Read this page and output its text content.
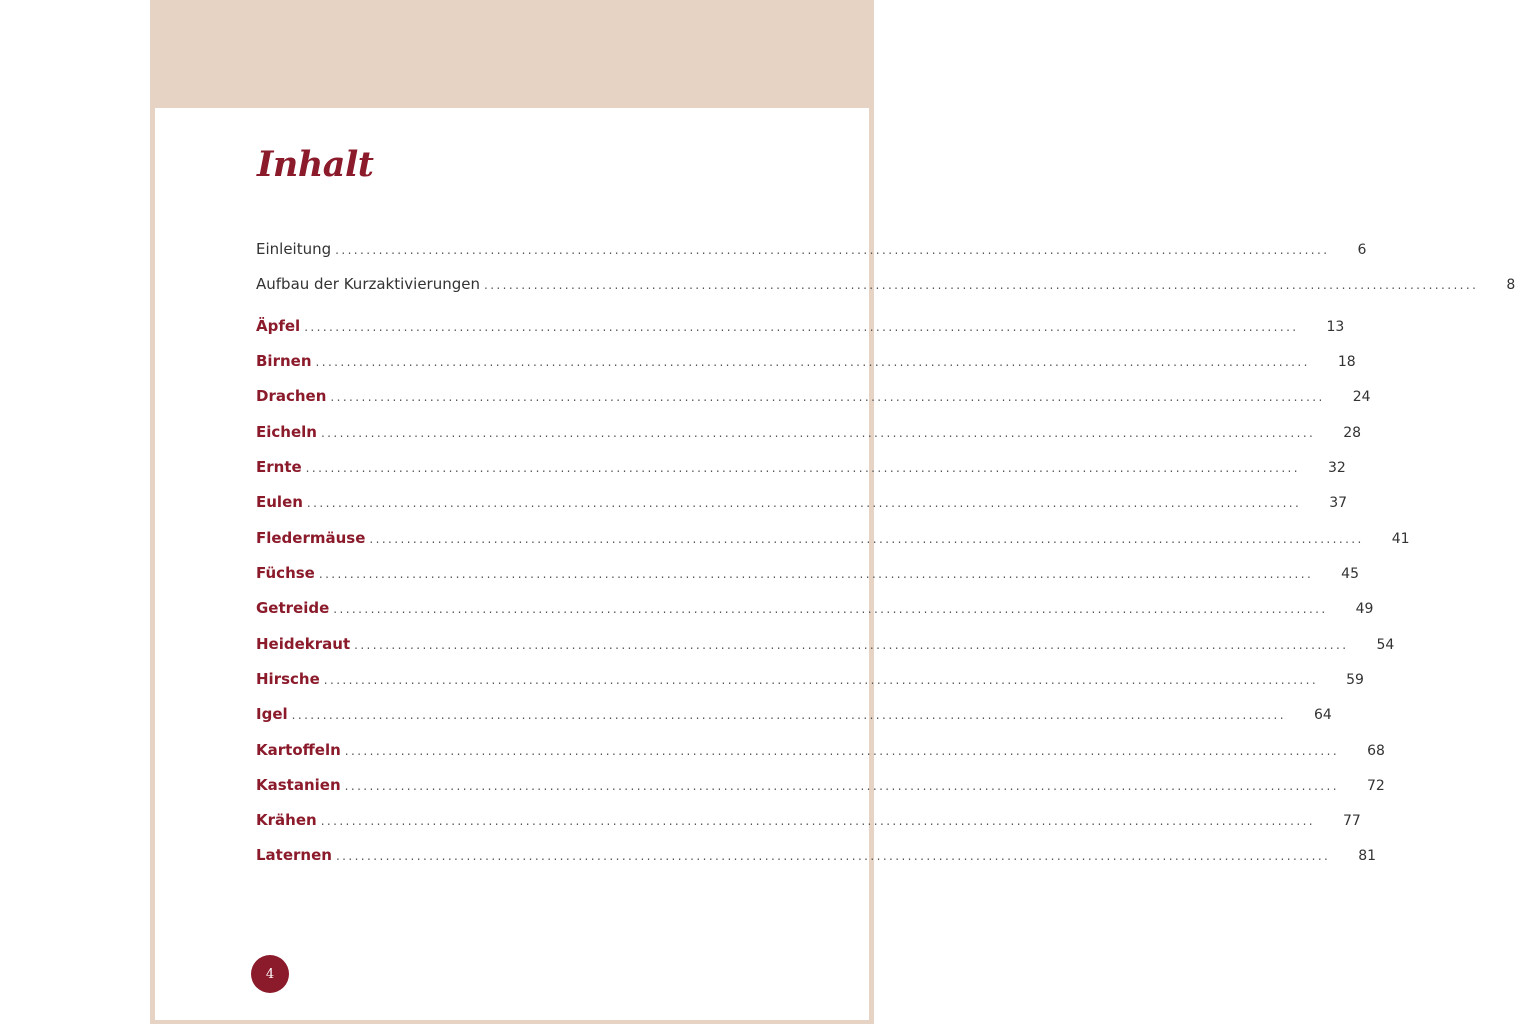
Inhalt
Einleitung ................................................................................................................................................................ 6
Aufbau der Kurzaktivierungen ................................................................................................................................................................ 8
Äpfel ................................................................................................................................................................ 13
Birnen ................................................................................................................................................................ 18
Drachen ................................................................................................................................................................ 24
Eicheln ................................................................................................................................................................ 28
Ernte ................................................................................................................................................................ 32
Eulen ................................................................................................................................................................ 37
Fledermäuse ................................................................................................................................................................ 41
Füchse ................................................................................................................................................................ 45
Getreide ................................................................................................................................................................ 49
Heidekraut ................................................................................................................................................................ 54
Hirsche ................................................................................................................................................................ 59
Igel ................................................................................................................................................................ 64
Kartoffeln ................................................................................................................................................................ 68
Kastanien ................................................................................................................................................................ 72
Krähen ................................................................................................................................................................ 77
Laternen ................................................................................................................................................................ 81
4
